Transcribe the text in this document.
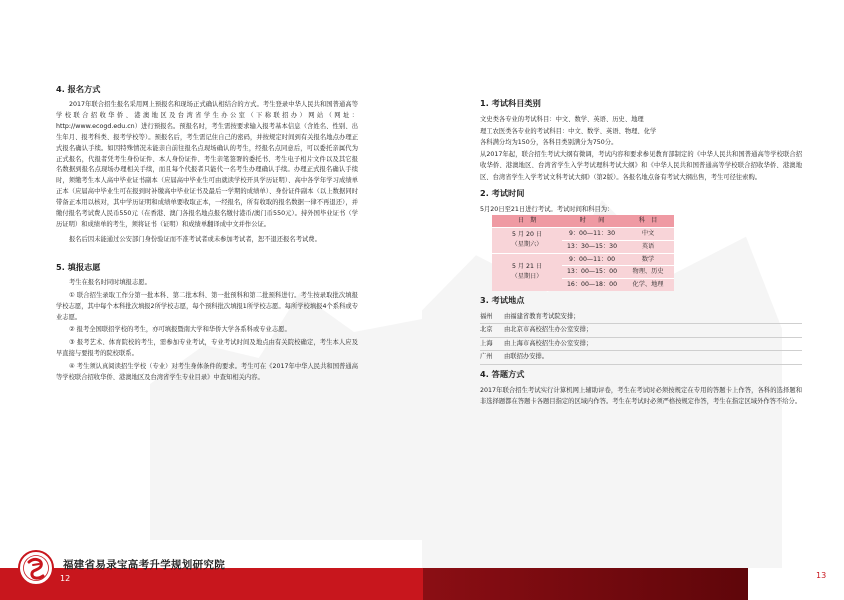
4. 报名方式

2017年联合招生报名采用网上预报名和现场正式确认相结合的方式。考生登录中华人民共和国普通高等学校联合招收华侨、港澳地区及台湾省学生办公室（下称联招办）网站（网址：http://www.ecogd.edu.cn）进行预报名。预报名时，考生需按要求输入报考基本信息（含姓名、性别、出生年月、报考科类、报考学校等）。预报名后，考生需记住自己的密码，并按规定时间到有关报名地点办理正式报名确认手续。如因特殊情况未能亲自前往报名点现场确认的考生，经报名点同意后，可以委托亲属代为正式报名，代报者凭考生身份证件、本人身份证件、考生亲笔签署的委托书、考生电子相片文件以及其它报名数据到报名点现场办理相关手续，而且每个代报者只能代一名考生办理确认手续。办理正式报名确认手续时，须缴考生本人高中毕业证书副本（应届高中毕业生可由就读学校开具学历证明）、高中各学年学习成绩单正本（应届高中毕业生可在报到时补缴高中毕业证书及最后一学期的成绩单）、身份证件副本（以上数据同时带备正本用以核对，其中学历证明和成绩单要收取正本，一经报名，所有收取的报名数据一律不再退还），并缴付报名考试费人民币550元（在香港、澳门各报名地点报名缴付港币/澳门币550元）。持外国毕业证书（学历证明）和成绩单的考生，须将证书（证明）和成绩单翻译成中文并作公证。

报名后因未能通过公安部门身份验证而不准考试者或未参加考试者，恕不退还报名考试费。

5. 填报志愿

考生在报名时同时填报志愿。

① 联合招生录取工作分第一批本科、第二批本科、第一批预科和第二批预科进行。考生按录取批次填报学校志愿，其中每个本科批次填报2所学校志愿，每个预科批次填报1所学校志愿。每所学校填报4个系科或专业志愿。

② 报考全国联招学校的考生，亦可填报暨南大学和华侨大学各系科或专业志愿。

③ 报考艺术、体育院校的考生，需参加专业考试，专业考试时间及地点由有关院校确定，考生本人应及早直接与要报考的院校联系。

④ 考生须认真阅读招生学校（专业）对考生身体条件的要求。考生可在《2017年中华人民共和国普通高等学校联合招收华侨、港澳地区及台湾省学生专业目录》中查知相关内容。

1. 考试科目类别
文史类各专业的考试科目：中文、数学、英语、历史、地理
理工农医类各专业的考试科目：中文、数学、英语、物理、化学
各科满分均为150分，各科目类别满分为750分。

从2017年起，联合招生考试大纲有微调，考试内容和要求参见教育部制定的《中华人民共和国普通高等学校联合招收华侨、港澳地区、台湾省学生入学考试理科考试大纲》和《中华人民共和国普通高等学校联合招收华侨、港澳地区、台湾省学生入学考试文科考试大纲》（第2版）。各报名地点备有考试大纲出售，考生可径往索购。

2. 考试时间
5月20日至21日进行考试。考试时间和科目为：
日　期	时　　间	科　目

5 月 20 日
（星期六）	9：00—11：30	中文
	13：30—15：30	英语

5 月 21 日
（星期日）	9：00—11：00	数学
	13：00—15：00	物理、历史
	16：00—18：00	化学、地理
3. 考试地点
福州	由福建省教育考试院安排；
北京	由北京市高校招生办公室安排；
上海	由上海市高校招生办公室安排；
广州	由联招办安排。
4. 答题方式

2017年联合招生考试实行计算机网上辅助评卷，考生在考试时必须按规定在专用的答题卡上作答，各科的选择题和非选择题都在答题卡各题目指定的区域内作答。考生在考试时必须严格按规定作答，考生在指定区域外作答不给分。

福建省易录宝高考升学规划研究院
12	13
